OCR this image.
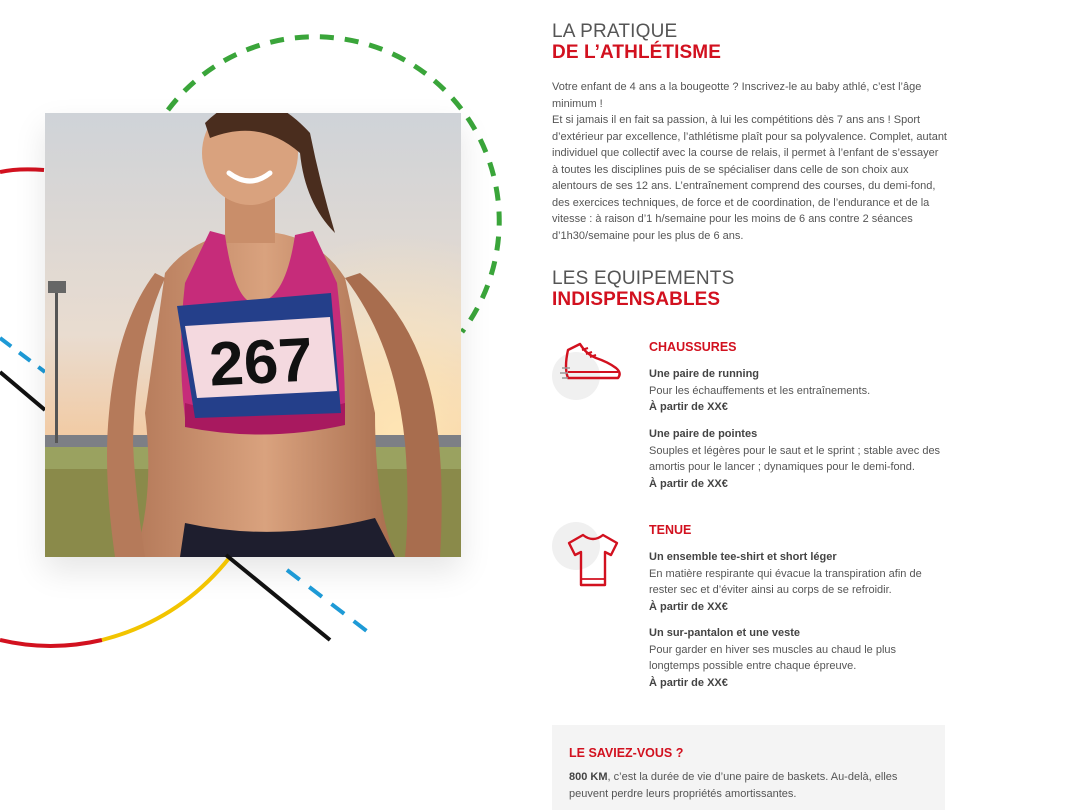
267
LA PRATIQUE
DE L’ATHLÉTISME

Votre enfant de 4 ans a la bougeotte ? Inscrivez-le au baby athlé, c’est l’âge minimum !

Et si jamais il en fait sa passion, à lui les compétitions dès 7 ans ans ! Sport d’extérieur par excellence, l’athlétisme plaît pour sa polyvalence. Complet, autant individuel que collectif avec la course de relais, il permet à l’enfant de s’essayer à toutes les disciplines puis de se spécialiser dans celle de son choix aux alentours de ses 12 ans. L’entraînement comprend des courses, du demi-fond, des exercices techniques, de force et de coordination, de l’endurance et de la vitesse : à raison d’1 h/semaine pour les moins de 6 ans contre 2 séances d’1h30/semaine pour les plus de 6 ans.

LES EQUIPEMENTS
INDISPENSABLES
CHAUSSURES
Une paire de running
Pour les échauffements et les entraînements.
À partir de XX€
Une paire de pointes
Souples et légères pour le saut et le sprint ; stable avec des amortis pour le lancer ; dynamiques pour le demi-fond.
À partir de XX€
TENUE
Un ensemble tee-shirt et short léger
En matière respirante qui évacue la transpiration afin de rester sec et d’éviter ainsi au corps de se refroidir.
À partir de XX€
Un sur-pantalon et une veste
Pour garder en hiver ses muscles au chaud le plus longtemps possible entre chaque épreuve.
À partir de XX€
LE SAVIEZ-VOUS ?

800 KM, c’est la durée de vie d’une paire de baskets. Au-delà, elles peuvent perdre leurs propriétés amortissantes.
